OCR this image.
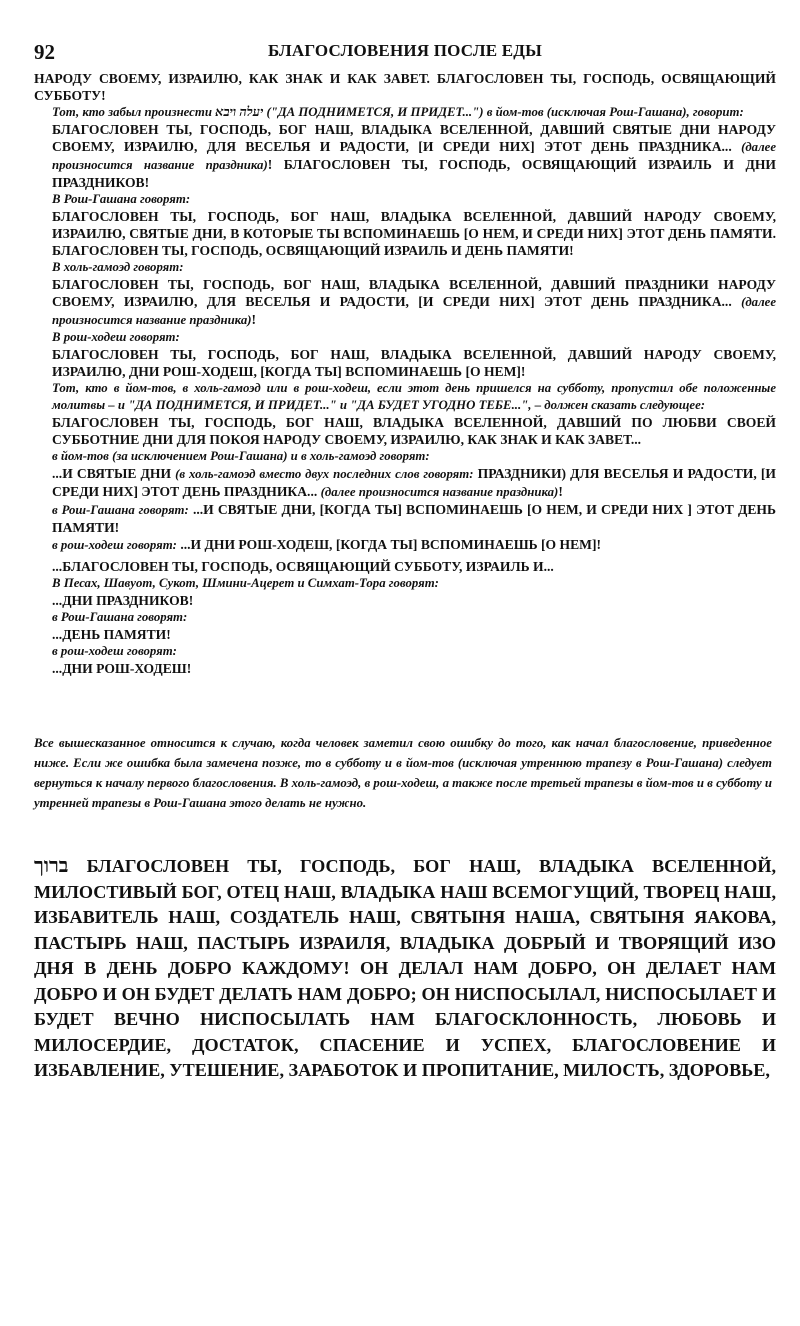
92	БЛАГОСЛОВЕНИЯ ПОСЛЕ ЕДЫ

НАРОДУ СВОЕМУ, ИЗРАИЛЮ, КАК ЗНАК И КАК ЗАВЕТ. БЛАГОСЛОВЕН ТЫ, ГОСПОДЬ, ОСВЯЩАЮЩИЙ СУББОТУ!

Тот, кто забыл произнести יעלה ויבא ("ДА ПОДНИМЕТСЯ, И ПРИДЕТ...") в йом-тов (исключая Рош-Гашана), говорит:

БЛАГОСЛОВЕН ТЫ, ГОСПОДЬ, БОГ НАШ, ВЛАДЫКА ВСЕЛЕННОЙ, ДАВШИЙ СВЯТЫЕ ДНИ НАРОДУ СВОЕМУ, ИЗРАИЛЮ, ДЛЯ ВЕСЕЛЬЯ И РАДОСТИ, [И СРЕДИ НИХ] ЭТОТ ДЕНЬ ПРАЗДНИКА... (далее произносится название праздника)! БЛАГОСЛОВЕН ТЫ, ГОСПОДЬ, ОСВЯЩАЮЩИЙ ИЗРАИЛЬ И ДНИ ПРАЗДНИКОВ!

В Рош-Гашана говорят:

БЛАГОСЛОВЕН ТЫ, ГОСПОДЬ, БОГ НАШ, ВЛАДЫКА ВСЕЛЕННОЙ, ДАВШИЙ НАРОДУ СВОЕМУ, ИЗРАИЛЮ, СВЯТЫЕ ДНИ, В КОТОРЫЕ ТЫ ВСПОМИНАЕШЬ [О НЕМ, И СРЕДИ НИХ] ЭТОТ ДЕНЬ ПАМЯТИ. БЛАГОСЛОВЕН ТЫ, ГОСПОДЬ, ОСВЯЩАЮЩИЙ ИЗРАИЛЬ И ДЕНЬ ПАМЯТИ!

В холь-гамоэд говорят:

БЛАГОСЛОВЕН ТЫ, ГОСПОДЬ, БОГ НАШ, ВЛАДЫКА ВСЕЛЕННОЙ, ДАВШИЙ ПРАЗДНИКИ НАРОДУ СВОЕМУ, ИЗРАИЛЮ, ДЛЯ ВЕСЕЛЬЯ И РАДОСТИ, [И СРЕДИ НИХ] ЭТОТ ДЕНЬ ПРАЗДНИКА... (далее произносится название праздника)!

В рош-ходеш говорят:

БЛАГОСЛОВЕН ТЫ, ГОСПОДЬ, БОГ НАШ, ВЛАДЫКА ВСЕЛЕННОЙ, ДАВШИЙ НАРОДУ СВОЕМУ, ИЗРАИЛЮ, ДНИ РОШ-ХОДЕШ, [КОГДА ТЫ] ВСПОМИНАЕШЬ [О НЕМ]!

Тот, кто в йом-тов, в холь-гамоэд или в рош-ходеш, если этот день пришелся на субботу, пропустил обе положенные молитвы – и "ДА ПОДНИМЕТСЯ, И ПРИДЕТ..." и "ДА БУДЕТ УГОДНО ТЕБЕ...", – должен сказать следующее:

БЛАГОСЛОВЕН ТЫ, ГОСПОДЬ, БОГ НАШ, ВЛАДЫКА ВСЕЛЕННОЙ, ДАВШИЙ ПО ЛЮБВИ СВОЕЙ СУББОТНИЕ ДНИ ДЛЯ ПОКОЯ НАРОДУ СВОЕМУ, ИЗРАИЛЮ, КАК ЗНАК И КАК ЗАВЕТ...

в йом-тов (за исключением Рош-Гашана) и в холь-гамоэд говорят:

...И СВЯТЫЕ ДНИ (в холь-гамоэд вместо двух последних слов говорят: ПРАЗДНИКИ) ДЛЯ ВЕСЕЛЬЯ И РАДОСТИ, [И СРЕДИ НИХ] ЭТОТ ДЕНЬ ПРАЗДНИКА... (далее произносится название праздника)!

в Рош-Гашана говорят: ...И СВЯТЫЕ ДНИ, [КОГДА ТЫ] ВСПОМИНАЕШЬ [О НЕМ, И СРЕДИ НИХ ] ЭТОТ ДЕНЬ ПАМЯТИ!

в рош-ходеш говорят: ...И ДНИ РОШ-ХОДЕШ, [КОГДА ТЫ] ВСПОМИНАЕШЬ [О НЕМ]!

...БЛАГОСЛОВЕН ТЫ, ГОСПОДЬ, ОСВЯЩАЮЩИЙ СУББОТУ, ИЗРАИЛЬ И...

В Песах, Шавуот, Сукот, Шмини-Ацерет и Симхат-Тора говорят:

...ДНИ ПРАЗДНИКОВ!

в Рош-Гашана говорят:

...ДЕНЬ ПАМЯТИ!

в рош-ходеш говорят:

...ДНИ РОШ-ХОДЕШ!

Все вышесказанное относится к случаю, когда человек заметил свою ошибку до того, как начал благословение, приведенное ниже. Если же ошибка была замечена позже, то в субботу и в йом-тов (исключая утреннюю трапезу в Рош-Гашана) следует вернуться к началу первого благословения. В холь-гамоэд, в рош-ходеш, а также после третьей трапезы в йом-тов и в субботу и утренней трапезы в Рош-Гашана этого делать не нужно.

ברוך БЛАГОСЛОВЕН ТЫ, ГОСПОДЬ, БОГ НАШ, ВЛАДЫКА ВСЕЛЕННОЙ, МИЛОСТИВЫЙ БОГ, ОТЕЦ НАШ, ВЛАДЫКА НАШ ВСЕМОГУЩИЙ, ТВОРЕЦ НАШ, ИЗБАВИТЕЛЬ НАШ, СОЗДАТЕЛЬ НАШ, СВЯТЫНЯ НАША, СВЯТЫНЯ ЯАКОВА, ПАСТЫРЬ НАШ, ПАСТЫРЬ ИЗРАИЛЯ, ВЛАДЫКА ДОБРЫЙ И ТВОРЯЩИЙ ИЗО ДНЯ В ДЕНЬ ДОБРО КАЖДОМУ! ОН ДЕЛАЛ НАМ ДОБРО, ОН ДЕЛАЕТ НАМ ДОБРО И ОН БУДЕТ ДЕЛАТЬ НАМ ДОБРО; ОН НИСПОСЫЛАЛ, НИСПОСЫЛАЕТ И БУДЕТ ВЕЧНО НИСПОСЫЛАТЬ НАМ БЛАГОСКЛОННОСТЬ, ЛЮБОВЬ И МИЛОСЕРДИЕ, ДОСТАТОК, СПАСЕНИЕ И УСПЕХ, БЛАГОСЛОВЕНИЕ И ИЗБАВЛЕНИЕ, УТЕШЕНИЕ, ЗАРАБОТОК И ПРОПИТАНИЕ, МИЛОСТЬ, ЗДОРОВЬЕ,
